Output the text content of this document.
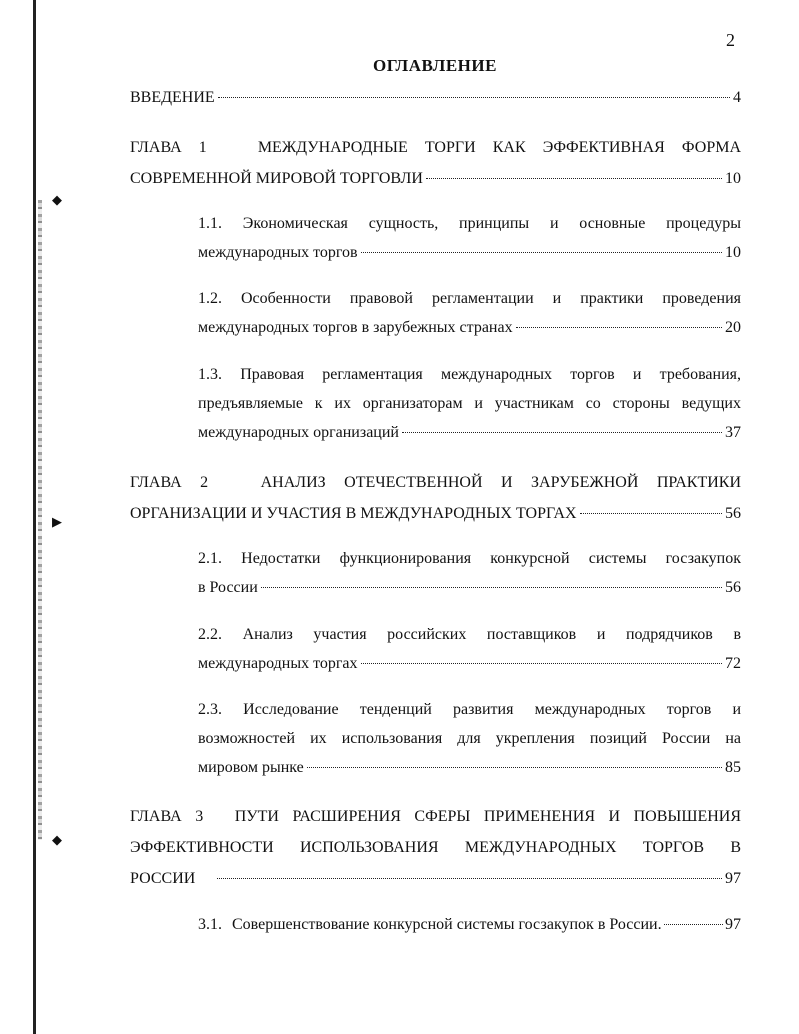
◆
▶
◆
2
ОГЛАВЛЕНИЕ
ВВЕДЕНИЕ	4
ГЛАВА 1	МЕЖДУНАРОДНЫЕ ТОРГИ КАК ЭФФЕКТИВНАЯ ФОРМА
СОВРЕМЕННОЙ МИРОВОЙ ТОРГОВЛИ	10
1.1. Экономическая сущность, принципы и основные процедуры
международных торгов	10
1.2. Особенности правовой регламентации и практики проведения
международных торгов в зарубежных странах	20
1.3. Правовая регламентация международных торгов и требования,
предъявляемые к их организаторам и участникам со стороны ведущих
международных организаций	37
ГЛАВА 2	АНАЛИЗ ОТЕЧЕСТВЕННОЙ И ЗАРУБЕЖНОЙ ПРАКТИКИ
ОРГАНИЗАЦИИ И УЧАСТИЯ В МЕЖДУНАРОДНЫХ ТОРГАХ	56
2.1. Недостатки функционирования конкурсной системы госзакупок
в России	56
2.2. Анализ участия российских поставщиков и подрядчиков в
международных торгах	72
2.3. Исследование тенденций развития международных торгов и
возможностей их использования для укрепления позиций России на
мировом рынке	85
ГЛАВА 3 ПУТИ РАСШИРЕНИЯ СФЕРЫ ПРИМЕНЕНИЯ И ПОВЫШЕНИЯ
ЭФФЕКТИВНОСТИ ИСПОЛЬЗОВАНИЯ МЕЖДУНАРОДНЫХ ТОРГОВ В
РОССИИ	97
3.1. Совершенствование конкурсной системы госзакупок в России.	97
